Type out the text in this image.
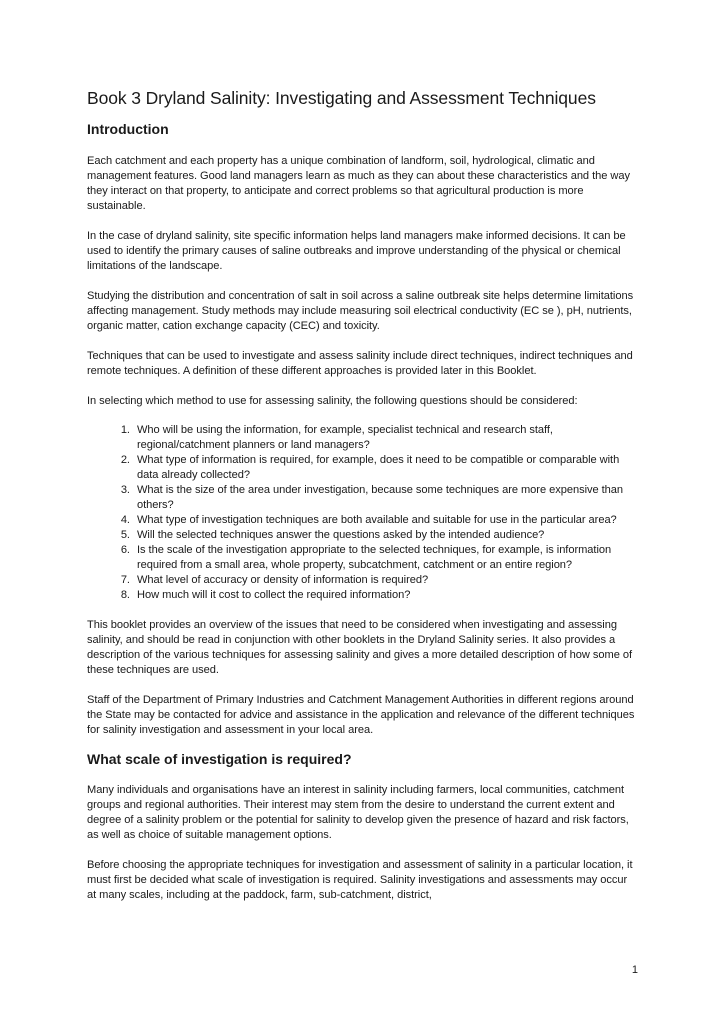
Book 3 Dryland Salinity: Investigating and Assessment Techniques
Introduction

Each catchment and each property has a unique combination of landform, soil, hydrological, climatic and management features. Good land managers learn as much as they can about these characteristics and the way they interact on that property, to anticipate and correct problems so that agricultural production is more sustainable.

In the case of dryland salinity, site specific information helps land managers make informed decisions. It can be used to identify the primary causes of saline outbreaks and improve understanding of the physical or chemical limitations of the landscape.

Studying the distribution and concentration of salt in soil across a saline outbreak site helps determine limitations affecting management. Study methods may include measuring soil electrical conductivity (EC se ), pH, nutrients, organic matter, cation exchange capacity (CEC) and toxicity.

Techniques that can be used to investigate and assess salinity include direct techniques, indirect techniques and remote techniques. A definition of these different approaches is provided later in this Booklet.

In selecting which method to use for assessing salinity, the following questions should be considered:

1. Who will be using the information, for example, specialist technical and research staff, regional/catchment planners or land managers?
2. What type of information is required, for example, does it need to be compatible or comparable with data already collected?
3. What is the size of the area under investigation, because some techniques are more expensive than others?
4. What type of investigation techniques are both available and suitable for use in the particular area?
5. Will the selected techniques answer the questions asked by the intended audience?
6. Is the scale of the investigation appropriate to the selected techniques, for example, is information required from a small area, whole property, subcatchment, catchment or an entire region?
7. What level of accuracy or density of information is required?
8. How much will it cost to collect the required information?

This booklet provides an overview of the issues that need to be considered when investigating and assessing salinity, and should be read in conjunction with other booklets in the Dryland Salinity series. It also provides a description of the various techniques for assessing salinity and gives a more detailed description of how some of these techniques are used.

Staff of the Department of Primary Industries and Catchment Management Authorities in different regions around the State may be contacted for advice and assistance in the application and relevance of the different techniques for salinity investigation and assessment in your local area.

What scale of investigation is required?

Many individuals and organisations have an interest in salinity including farmers, local communities, catchment groups and regional authorities. Their interest may stem from the desire to understand the current extent and degree of a salinity problem or the potential for salinity to develop given the presence of hazard and risk factors, as well as choice of suitable management options.

Before choosing the appropriate techniques for investigation and assessment of salinity in a particular location, it must first be decided what scale of investigation is required. Salinity investigations and assessments may occur at many scales, including at the paddock, farm, sub-catchment, district,

1
